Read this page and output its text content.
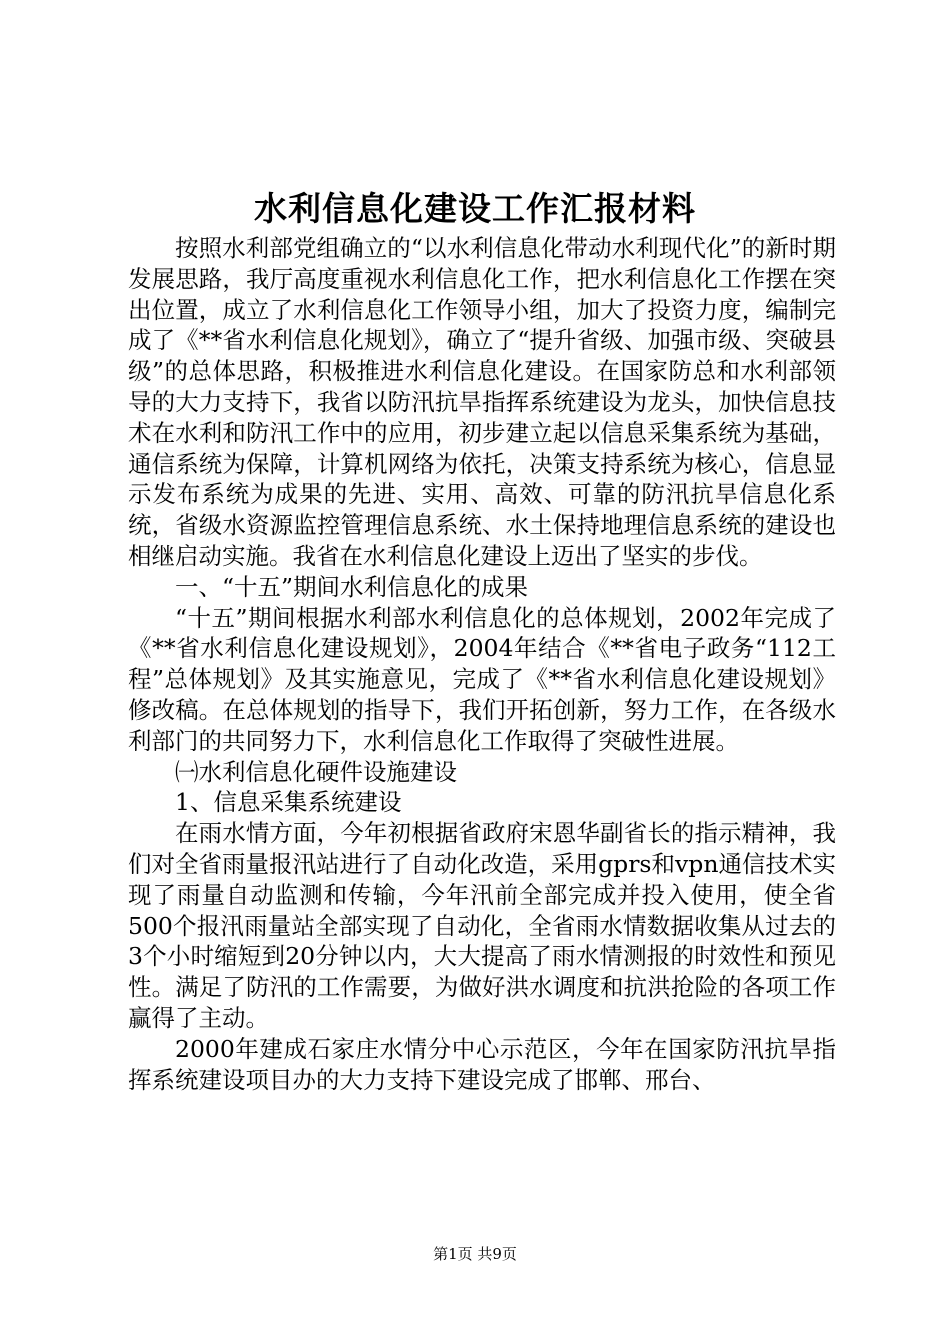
水利信息化建设工作汇报材料

按照水利部党组确立的“以水利信息化带动水利现代化”的新时期发展思路，我厅高度重视水利信息化工作，把水利信息化工作摆在突出位置，成立了水利信息化工作领导小组，加大了投资力度，编制完成了《**省水利信息化规划》，确立了“提升省级、加强市级、突破县级”的总体思路，积极推进水利信息化建设。在国家防总和水利部领导的大力支持下，我省以防汛抗旱指挥系统建设为龙头，加快信息技术在水利和防汛工作中的应用，初步建立起以信息采集系统为基础，通信系统为保障，计算机网络为依托，决策支持系统为核心，信息显示发布系统为成果的先进、实用、高效、可靠的防汛抗旱信息化系统，省级水资源监控管理信息系统、水土保持地理信息系统的建设也相继启动实施。我省在水利信息化建设上迈出了坚实的步伐。

一、“十五”期间水利信息化的成果

“十五”期间根据水利部水利信息化的总体规划，2002年完成了《**省水利信息化建设规划》，2004年结合《**省电子政务“112工程”总体规划》及其实施意见，完成了《**省水利信息化建设规划》修改稿。在总体规划的指导下，我们开拓创新，努力工作，在各级水利部门的共同努力下，水利信息化工作取得了突破性进展。

㈠水利信息化硬件设施建设

1、信息采集系统建设

在雨水情方面，今年初根据省政府宋恩华副省长的指示精神，我们对全省雨量报汛站进行了自动化改造，采用gprs和vpn通信技术实现了雨量自动监测和传输，今年汛前全部完成并投入使用，使全省500个报汛雨量站全部实现了自动化，全省雨水情数据收集从过去的3个小时缩短到20分钟以内，大大提高了雨水情测报的时效性和预见性。满足了防汛的工作需要，为做好洪水调度和抗洪抢险的各项工作赢得了主动。

2000年建成石家庄水情分中心示范区，今年在国家防汛抗旱指挥系统建设项目办的大力支持下建设完成了邯郸、邢台、

第1页 共9页
